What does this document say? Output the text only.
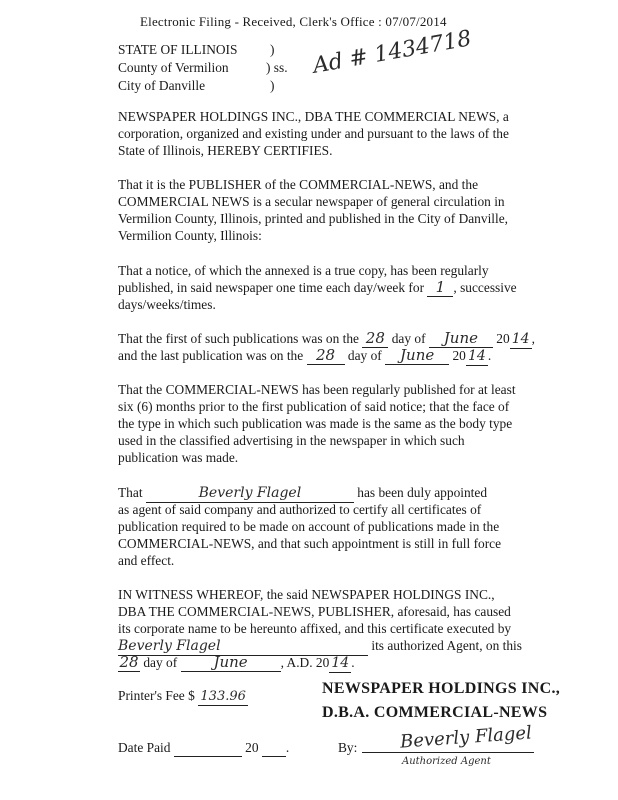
Electronic Filing - Received, Clerk's Office : 07/07/2014
STATE OF ILLINOIS )
County of Vermilion	) ss.
City of Danville	)
Ad # 1434718
NEWSPAPER HOLDINGS INC., DBA THE COMMERCIAL NEWS, a
corporation, organized and existing under and pursuant to the laws of the
State of Illinois, HEREBY CERTIFIES.
That it is the PUBLISHER of the COMMERCIAL-NEWS, and the
COMMERCIAL NEWS is a secular newspaper of general circulation in
Vermilion County, Illinois, printed and published in the City of Danville,
Vermilion County, Illinois:
That a notice, of which the annexed is a true copy, has been regularly
published, in said newspaper one time each day/week for 1 , successive
days/weeks/times.
That the first of such publications was on the 28 day of June 20 14 ,
and the last publication was on the 28 day of June 20 14 .
That the COMMERCIAL-NEWS has been regularly published for at least
six (6) months prior to the first publication of said notice; that the face of
the type in which such publication was made is the same as the body type
used in the classified advertising in the newspaper in which such
publication was made.
That	Beverly Flagel	has been duly appointed
as agent of said company and authorized to certify all certificates of
publication required to be made on account of publications made in the
COMMERCIAL-NEWS, and that such appointment is still in full force
and effect.
IN WITNESS WHEREOF, the said NEWSPAPER HOLDINGS INC.,
DBA THE COMMERCIAL-NEWS, PUBLISHER, aforesaid, has caused
its corporate name to be hereunto affixed, and this certificate executed by
Beverly Flagel	its authorized Agent, on this
28 day of June , A.D. 20 14 .
Printer's Fee $ 133.96	NEWSPAPER HOLDINGS INC.,
D.B.A. COMMERCIAL-NEWS
Date Paid	20 .	By: Beverly Flagel
Authorized Agent
